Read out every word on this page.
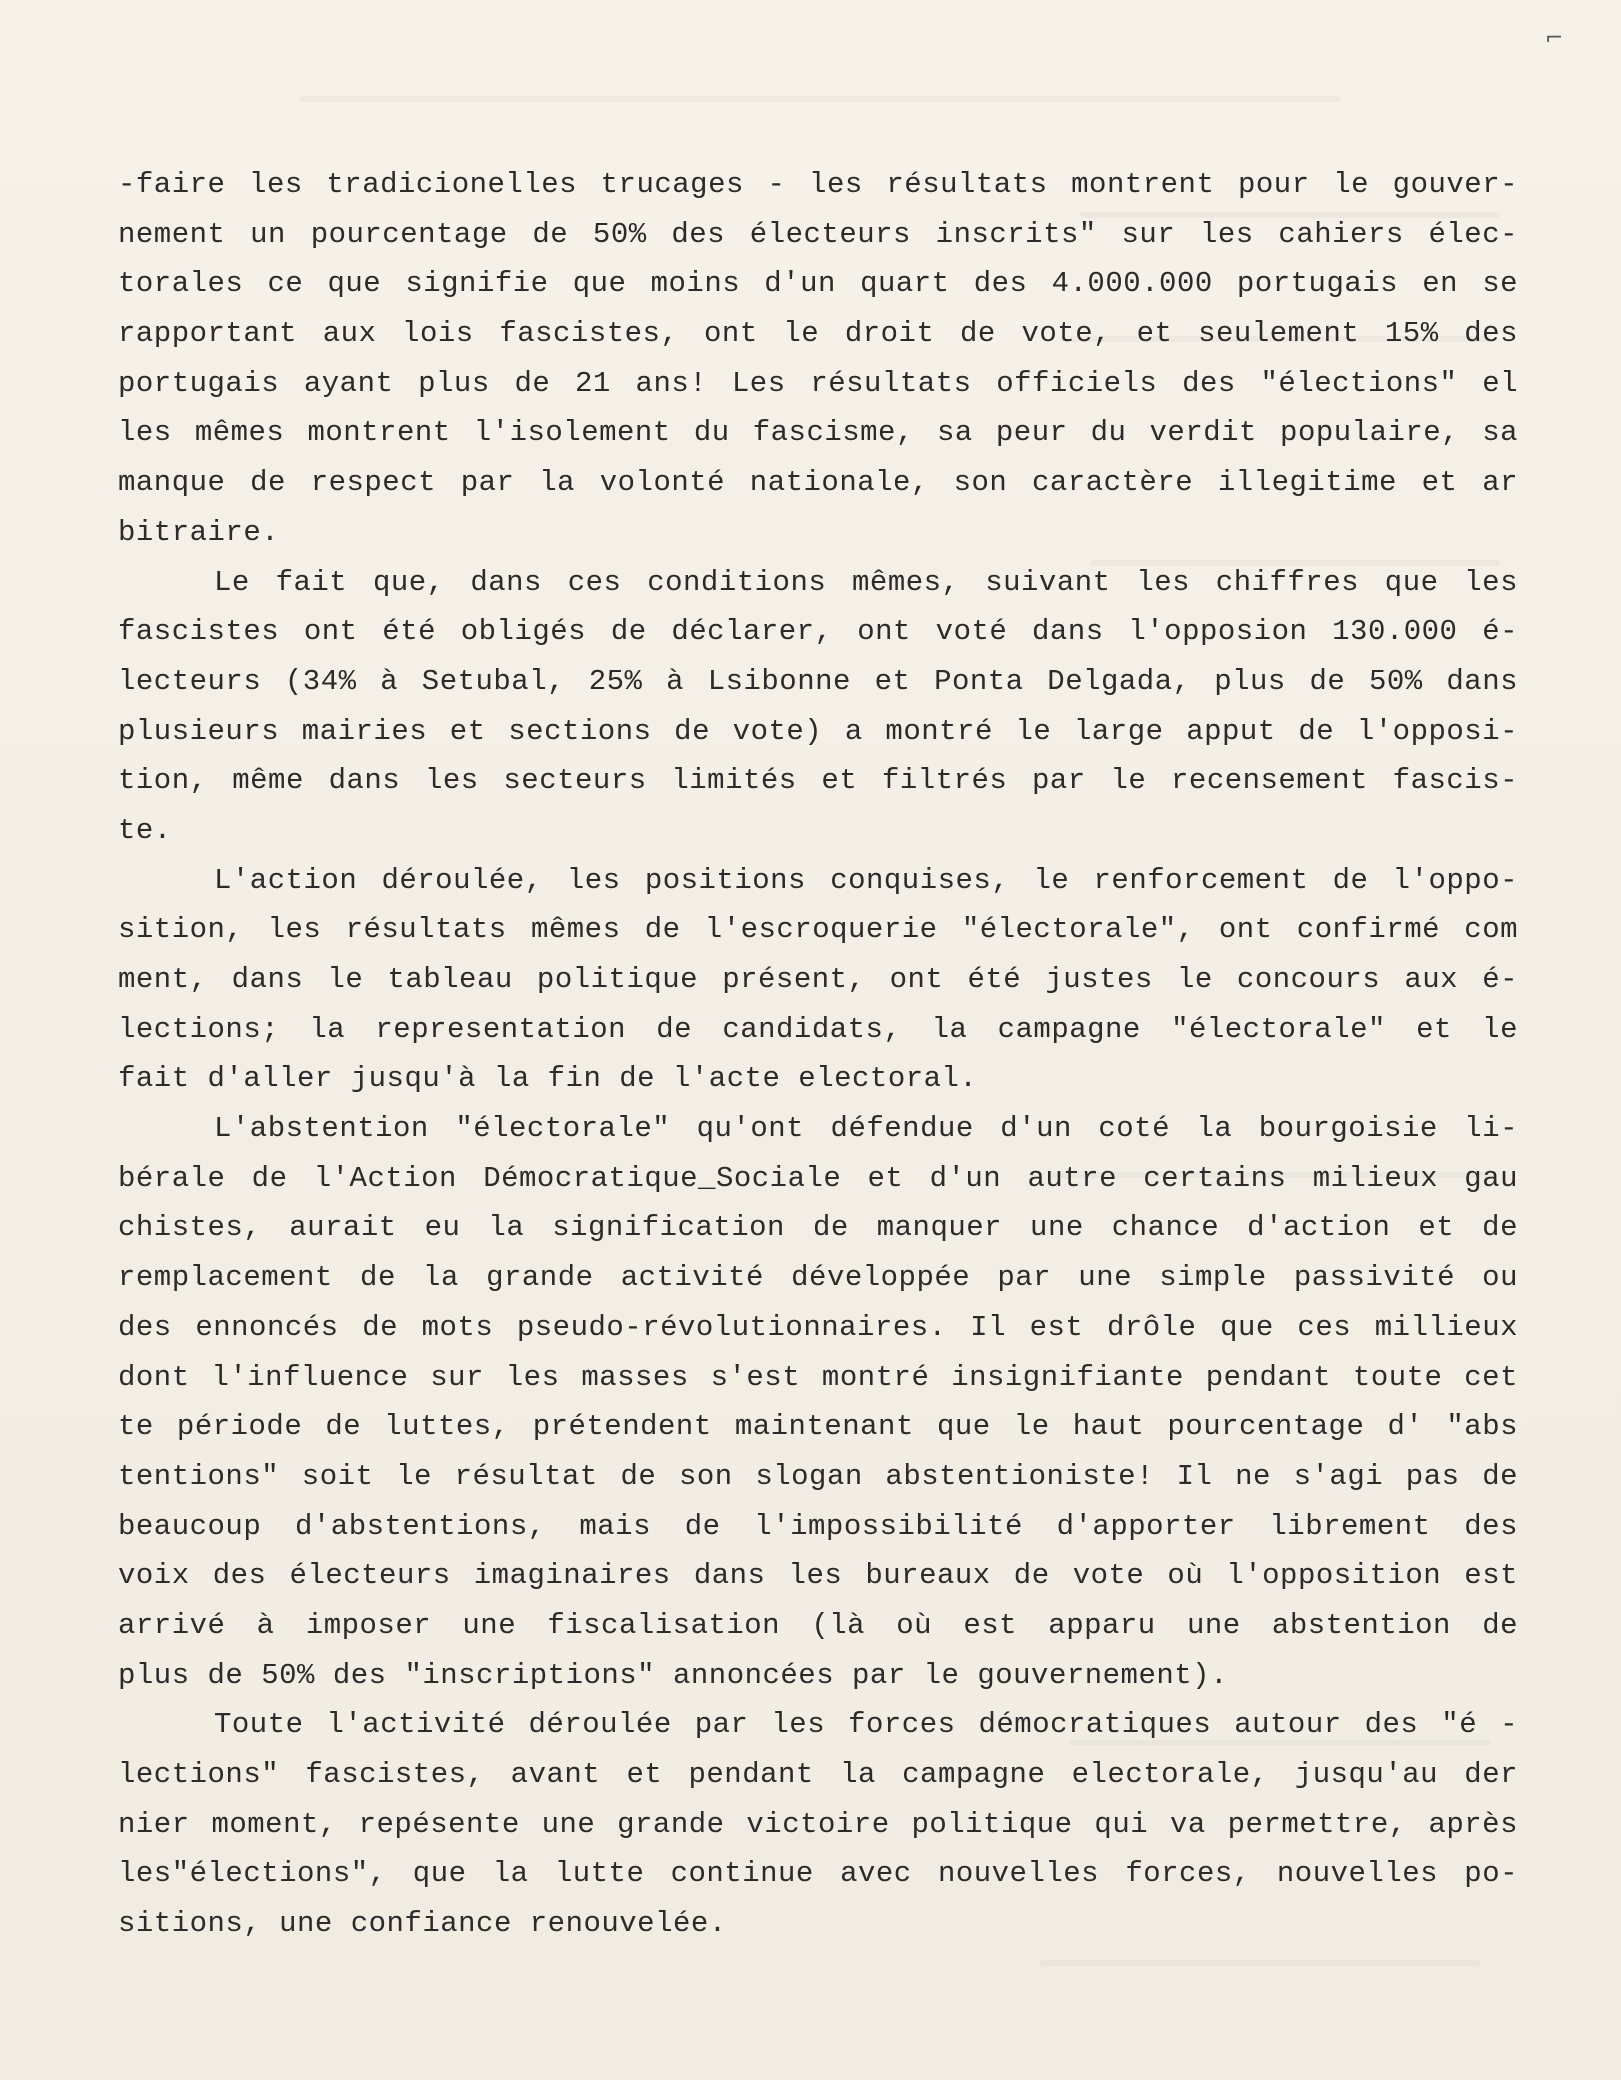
⌐
-faire les tradicionelles trucages - les résultats montrent pour le gouver-
nement un pourcentage de 50% des électeurs inscrits" sur les cahiers élec-
torales ce que signifie que moins d'un quart des 4.000.000 portugais en se
rapportant aux lois fascistes, ont le droit de vote, et seulement 15% des
portugais ayant plus de 21 ans! Les résultats officiels des "élections" el
les mêmes montrent l'isolement du fascisme, sa peur du verdit populaire, sa
manque de respect par la volonté nationale, son caractère illegitime et ar
bitraire.
Le fait que, dans ces conditions mêmes, suivant les chiffres que les
fascistes ont été obligés de déclarer, ont voté dans l'opposion 130.000 é-
lecteurs (34% à Setubal, 25% à Lsibonne et Ponta Delgada, plus de 50% dans
plusieurs mairies et sections de vote) a montré le large apput de l'opposi-
tion, même dans les secteurs limités et filtrés par le recensement fascis-
te.
L'action déroulée, les positions conquises, le renforcement de l'oppo-
sition, les résultats mêmes de l'escroquerie "électorale", ont confirmé com
ment, dans le tableau politique présent, ont été justes le concours aux é-
lections; la representation de candidats, la campagne "électorale" et le
fait d'aller jusqu'à la fin de l'acte electoral.
L'abstention "électorale" qu'ont défendue d'un coté la bourgoisie li-
bérale de l'Action Démocratique_Sociale et d'un autre certains milieux gau
chistes, aurait eu la signification de manquer une chance d'action et de
remplacement de la grande activité développée par une simple passivité ou
des ennoncés de mots pseudo-révolutionnaires. Il est drôle que ces millieux
dont l'influence sur les masses s'est montré insignifiante pendant toute cet
te période de luttes, prétendent maintenant que le haut pourcentage d' "abs
tentions" soit le résultat de son slogan abstentioniste! Il ne s'agi pas de
beaucoup d'abstentions, mais de l'impossibilité d'apporter librement des
voix des électeurs imaginaires dans les bureaux de vote où l'opposition est
arrivé à imposer une fiscalisation (là où est apparu une abstention de
plus de 50% des "inscriptions" annoncées par le gouvernement).
Toute l'activité déroulée par les forces démocratiques autour des "é -
lections" fascistes, avant et pendant la campagne electorale, jusqu'au der
nier moment, repésente une grande victoire politique qui va permettre, après
les"élections", que la lutte continue avec nouvelles forces, nouvelles po-
sitions, une confiance renouvelée.
